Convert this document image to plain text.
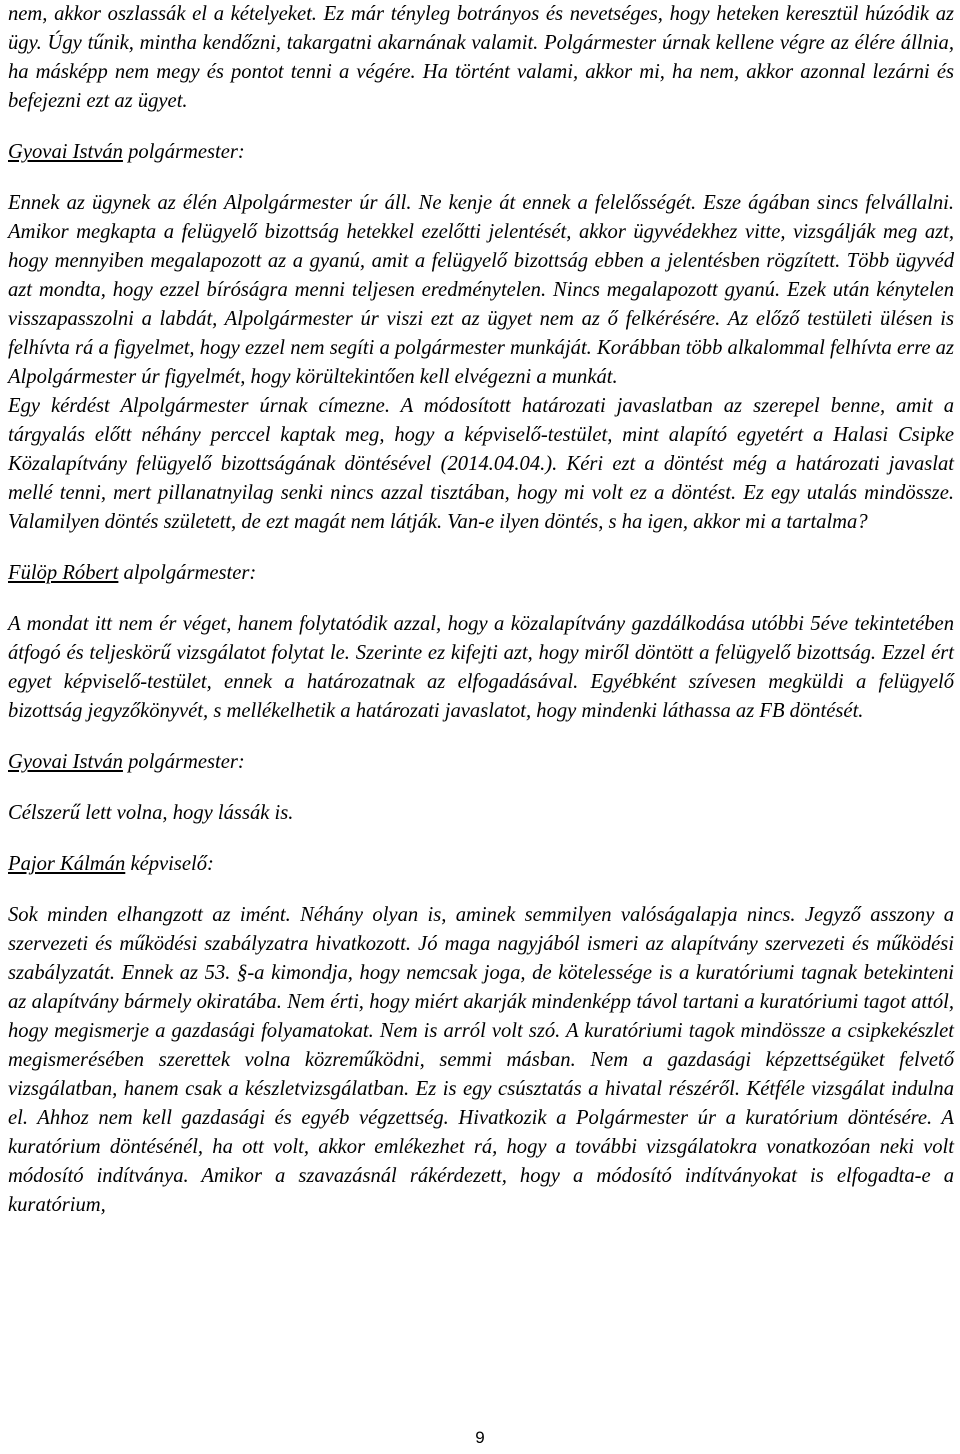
nem, akkor oszlassák el a kételyeket. Ez már tényleg botrányos és nevetséges, hogy heteken keresztül húzódik az ügy. Úgy tűnik, mintha kendőzni, takargatni akarnának valamit. Polgármester úrnak kellene végre az élére állnia, ha másképp nem megy és pontot tenni a végére. Ha történt valami, akkor mi, ha nem, akkor azonnal lezárni és befejezni ezt az ügyet.

Gyovai István polgármester:

Ennek az ügynek az élén Alpolgármester úr áll. Ne kenje át ennek a felelősségét. Esze ágában sincs felvállalni. Amikor megkapta a felügyelő bizottság hetekkel ezelőtti jelentését, akkor ügyvédekhez vitte, vizsgálják meg azt, hogy mennyiben megalapozott az a gyanú, amit a felügyelő bizottság ebben a jelentésben rögzített. Több ügyvéd azt mondta, hogy ezzel bíróságra menni teljesen eredménytelen. Nincs megalapozott gyanú. Ezek után kénytelen visszapasszolni a labdát, Alpolgármester úr viszi ezt az ügyet nem az ő felkérésére. Az előző testületi ülésen is felhívta rá a figyelmet, hogy ezzel nem segíti a polgármester munkáját. Korábban több alkalommal felhívta erre az Alpolgármester úr figyelmét, hogy körültekintően kell elvégezni a munkát.

Egy kérdést Alpolgármester úrnak címezne. A módosított határozati javaslatban az szerepel benne, amit a tárgyalás előtt néhány perccel kaptak meg, hogy a képviselő-testület, mint alapító egyetért a Halasi Csipke Közalapítvány felügyelő bizottságának döntésével (2014.04.04.). Kéri ezt a döntést még a határozati javaslat mellé tenni, mert pillanatnyilag senki nincs azzal tisztában, hogy mi volt ez a döntést. Ez egy utalás mindössze. Valamilyen döntés született, de ezt magát nem látják. Van-e ilyen döntés, s ha igen, akkor mi a tartalma?

Fülöp Róbert alpolgármester:

A mondat itt nem ér véget, hanem folytatódik azzal, hogy a közalapítvány gazdálkodása utóbbi 5éve tekintetében átfogó és teljeskörű vizsgálatot folytat le. Szerinte ez kifejti azt, hogy miről döntött a felügyelő bizottság. Ezzel ért egyet képviselő-testület, ennek a határozatnak az elfogadásával. Egyébként szívesen megküldi a felügyelő bizottság jegyzőkönyvét, s mellékelhetik a határozati javaslatot, hogy mindenki láthassa az FB döntését.

Gyovai István polgármester:

Célszerű lett volna, hogy lássák is.

Pajor Kálmán képviselő:

Sok minden elhangzott az imént. Néhány olyan is, aminek semmilyen valóságalapja nincs. Jegyző asszony a szervezeti és működési szabályzatra hivatkozott. Jó maga nagyjából ismeri az alapítvány szervezeti és működési szabályzatát. Ennek az 53. §-a kimondja, hogy nemcsak joga, de kötelessége is a kuratóriumi tagnak betekinteni az alapítvány bármely okiratába. Nem érti, hogy miért akarják mindenképp távol tartani a kuratóriumi tagot attól, hogy megismerje a gazdasági folyamatokat. Nem is arról volt szó. A kuratóriumi tagok mindössze a csipkekészlet megismerésében szerettek volna közreműködni, semmi másban. Nem a gazdasági képzettségüket felvető vizsgálatban, hanem csak a készletvizsgálatban. Ez is egy csúsztatás a hivatal részéről. Kétféle vizsgálat indulna el. Ahhoz nem kell gazdasági és egyéb végzettség. Hivatkozik a Polgármester úr a kuratórium döntésére. A kuratórium döntésénél, ha ott volt, akkor emlékezhet rá, hogy a további vizsgálatokra vonatkozóan neki volt módosító indítványa. Amikor a szavazásnál rákérdezett, hogy a módosító indítványokat is elfogadta-e a kuratórium,

9
